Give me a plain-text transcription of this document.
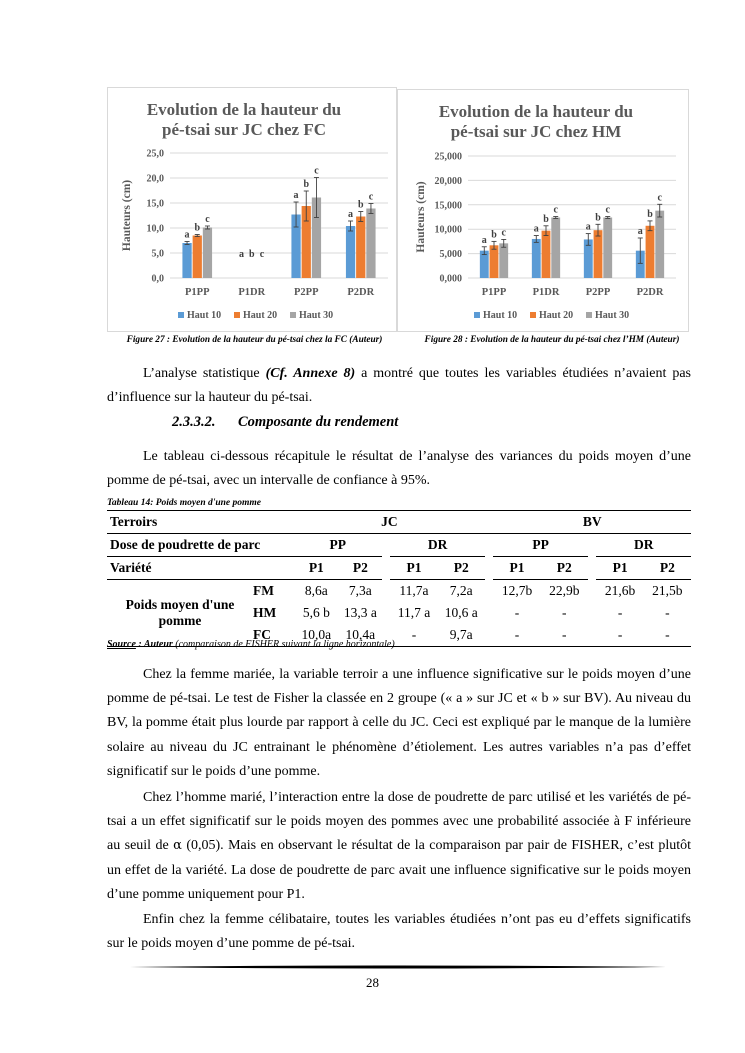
Evolution de la hauteur du
pé-tsai sur JC chez FC
0,0
5,0
10,0
15,0
20,0
25,0
Hauteurs (cm)	a
b
c
P1PP
a b c
P1DR
a
b
c
P2PP
a
b
c
P2DR
Haut 10 Haut 20 Haut 30
Evolution de la hauteur du
pé-tsai sur JC chez HM
0,000
5,000
10,000
15,000
20,000
25,000
Hauteurs (cm)	a b c
P1PP
a
b
c
P1DR
a
b
c
P2PP
a
b
c
P2DR
Haut 10 Haut 20 Haut 30
Figure 27 : Evolution de la hauteur du pé-tsai chez la FC (Auteur)	Figure 28 : Evolution de la hauteur du pé-tsai chez l’HM (Auteur)
L’analyse statistique (Cf. Annexe 8) a montré que toutes les variables étudiées n’avaient pas d’influence sur la hauteur du pé-tsai.
2.3.3.2. Composante du rendement
Le tableau ci-dessous récapitule le résultat de l’analyse des variances du poids moyen d’une pomme de pé-tsai, avec un intervalle de confiance à 95%.
Tableau 14: Poids moyen d'une pomme
Terroirs		JC						BV				
Dose de poudrette de parc		PP			DR			PP			DR	
Variété		P1	P2		P1	P2		P1	P2		P1	P2
Poids moyen d'une pomme	FM	8,6a	7,3a		11,7a	7,2a		12,7b	22,9b		21,6b	21,5b
	HM	5,6 b	13,3 a		11,7 a	10,6 a		-	-		-	-
	FC	10,0a	10,4a		-	9,7a		-	-		-	-
Source : Auteur (comparaison de FISHER suivant la ligne horizontale)
Chez la femme mariée, la variable terroir a une influence significative sur le poids moyen d’une pomme de pé-tsai. Le test de Fisher la classée en 2 groupe (« a » sur JC et « b » sur BV). Au niveau du BV, la pomme était plus lourde par rapport à celle du JC. Ceci est expliqué par le manque de la lumière solaire au niveau du JC entrainant le phénomène d’étiolement. Les autres variables n’a pas d’effet significatif sur le poids d’une pomme.
Chez l’homme marié, l’interaction entre la dose de poudrette de parc utilisé et les variétés de pé-tsai a un effet significatif sur le poids moyen des pommes avec une probabilité associée à F inférieure au seuil de α (0,05). Mais en observant le résultat de la comparaison par pair de FISHER, c’est plutôt un effet de la variété. La dose de poudrette de parc avait une influence significative sur le poids moyen d’une pomme uniquement pour P1.
Enfin chez la femme célibataire, toutes les variables étudiées n’ont pas eu d’effets significatifs sur le poids moyen d’une pomme de pé-tsai.
28
